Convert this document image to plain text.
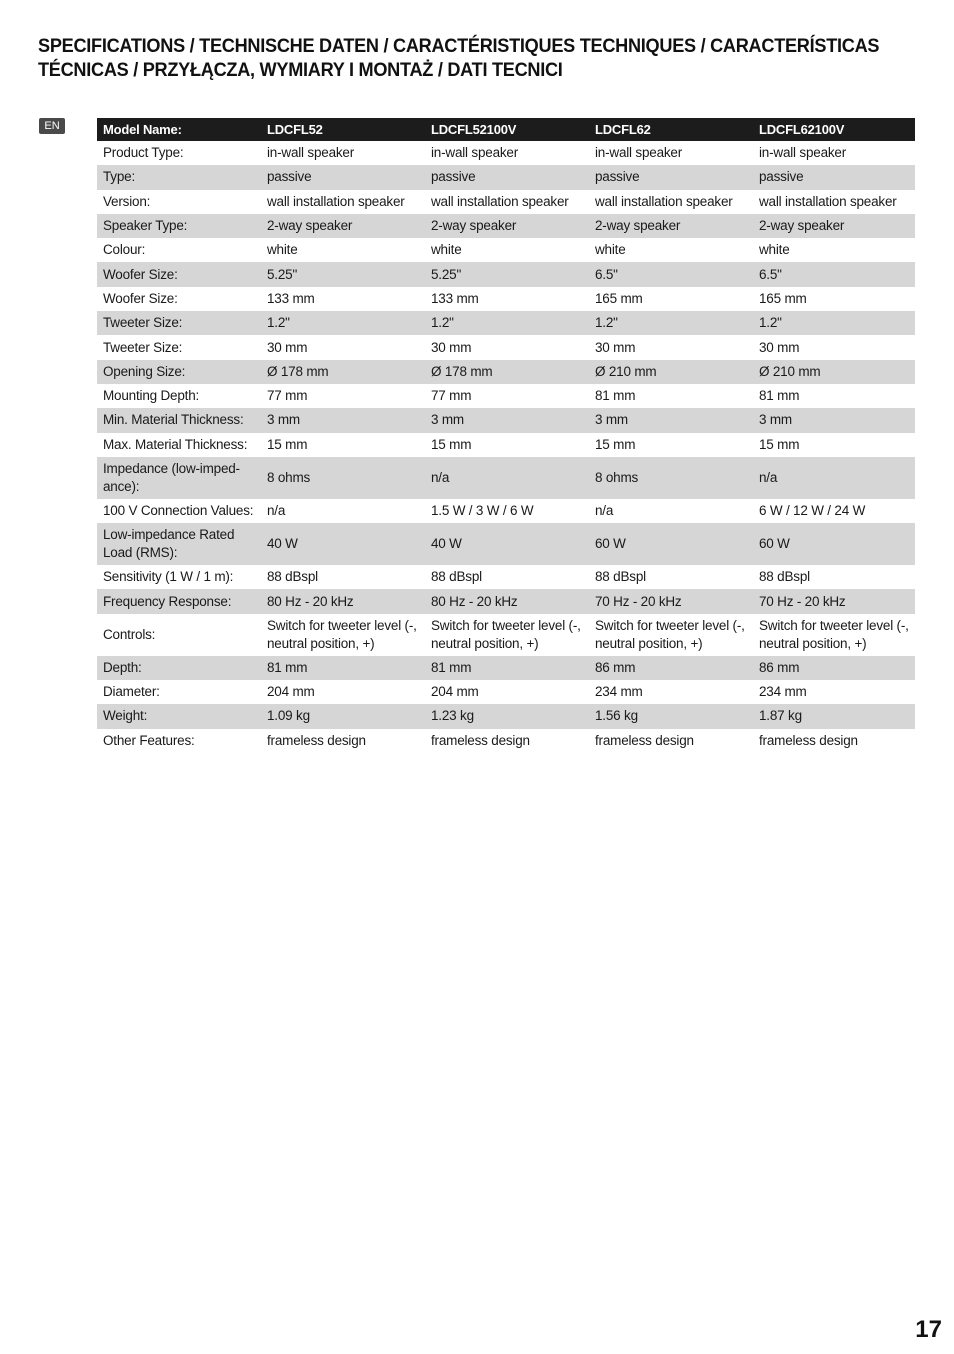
SPECIFICATIONS / TECHNISCHE DATEN / CARACTÉRISTIQUES TECHNIQUES / CARACTERÍSTICAS
TÉCNICAS / PRZYŁĄCZA, WYMIARY I MONTAŻ / DATI TECNICI
EN	Model Name:	LDCFL52	LDCFL52100V	LDCFL62	LDCFL62100V
Product Type:	in-wall speaker	in-wall speaker	in-wall speaker	in-wall speaker
Type:	passive	passive	passive	passive
Version:	wall installation speaker	wall installation speaker	wall installation speaker	wall installation speaker
Speaker Type:	2-way speaker	2-way speaker	2-way speaker	2-way speaker
Colour:	white	white	white	white
Woofer Size:	5.25"	5.25"	6.5"	6.5"
Woofer Size:	133 mm	133 mm	165 mm	165 mm
Tweeter Size:	1.2"	1.2"	1.2"	1.2"
Tweeter Size:	30 mm	30 mm	30 mm	30 mm
Opening Size:	Ø 178 mm	Ø 178 mm	Ø 210 mm	Ø 210 mm
Mounting Depth:	77 mm	77 mm	81 mm	81 mm
Min. Material Thickness:	3 mm	3 mm	3 mm	3 mm
Max. Material Thickness:	15 mm	15 mm	15 mm	15 mm
Impedance (low-imped-ance):	8 ohms	n/a	8 ohms	n/a
100 V Connection Values:	n/a	1.5 W / 3 W / 6 W	n/a	6 W / 12 W / 24 W
Low-impedance Rated Load (RMS):	40 W	40 W	60 W	60 W
Sensitivity (1 W / 1 m):	88 dBspl	88 dBspl	88 dBspl	88 dBspl
Frequency Response:	80 Hz - 20 kHz	80 Hz - 20 kHz	70 Hz - 20 kHz	70 Hz - 20 kHz
Controls:	Switch for tweeter level (-, neutral position, +)	Switch for tweeter level (-, neutral position, +)	Switch for tweeter level (-, neutral position, +)	Switch for tweeter level (-, neutral position, +)
Depth:	81 mm	81 mm	86 mm	86 mm
Diameter:	204 mm	204 mm	234 mm	234 mm
Weight:	1.09 kg	1.23 kg	1.56 kg	1.87 kg
Other Features:	frameless design	frameless design	frameless design	frameless design
17
